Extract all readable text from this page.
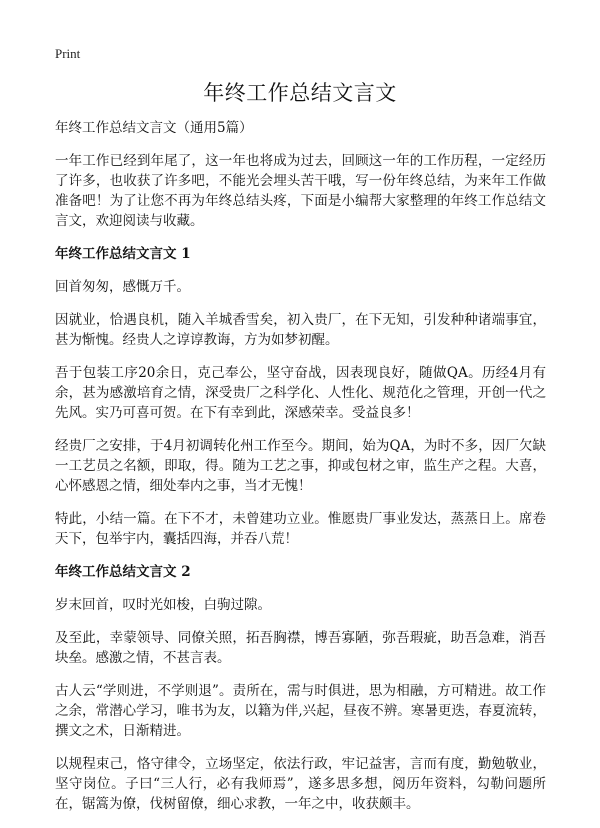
Print
年终工作总结文言文

年终工作总结文言文（通用5篇）

一年工作已经到年尾了，这一年也将成为过去，回顾这一年的工作历程，一定经历了许多，也收获了许多吧，不能光会埋头苦干哦，写一份年终总结，为来年工作做准备吧！为了让您不再为年终总结头疼，下面是小编帮大家整理的年终工作总结文言文，欢迎阅读与收藏。

年终工作总结文言文 1

回首匆匆，感慨万千。

因就业，恰遇良机，随入羊城香雪矣，初入贵厂，在下无知，引发种种诸端事宜，甚为惭愧。经贵人之谆谆教诲，方为如梦初醒。

吾于包装工序20余日，克己奉公，坚守奋战，因表现良好，随做QA。历经4月有余，甚为感激培育之情，深受贵厂之科学化、人性化、规范化之管理，开创一代之先风。实乃可喜可贺。在下有幸到此，深感荣幸。受益良多！

经贵厂之安排，于4月初调转化州工作至今。期间，始为QA，为时不多，因厂欠缺一工艺员之名额，即取，得。随为工艺之事，抑或包材之审，监生产之程。大喜，心怀感恩之情，细处奉内之事，当才无愧！

特此，小结一篇。在下不才，未曾建功立业。惟愿贵厂事业发达，蒸蒸日上。席卷天下，包举宇内，囊括四海，并吞八荒！

年终工作总结文言文 2

岁末回首，叹时光如梭，白驹过隙。

及至此，幸蒙领导、同僚关照，拓吾胸襟，博吾寡陋，弥吾瑕疵，助吾急难，消吾块垒。感激之情，不甚言表。

古人云“学则进，不学则退”。责所在，需与时俱进，思为相融，方可精进。故工作之余，常潜心学习，唯书为友，以籍为伴,兴起，昼夜不辨。寒暑更迭，春夏流转，撰文之术，日渐精进。

以规程束己，恪守律令，立场坚定，依法行政，牢记益害，言而有度，勤勉敬业，坚守岗位。子曰“三人行，必有我师焉”，遂多思多想，阅历年资料，勾勒问题所在，锯篙为僚，伐树留僚，细心求教，一年之中，收获颇丰。
